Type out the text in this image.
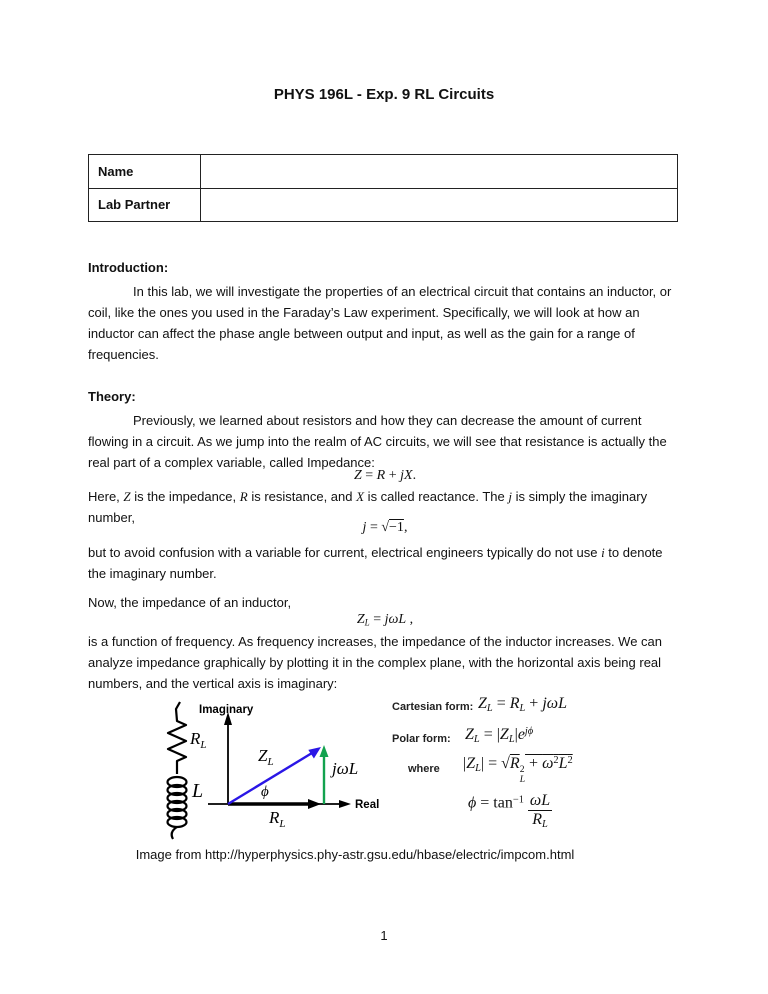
PHYS 196L - Exp. 9 RL Circuits
Name	
Lab Partner	
Introduction:
In this lab, we will investigate the properties of an electrical circuit that contains an inductor, or coil, like the ones you used in the Faraday’s Law experiment. Specifically, we will look at how an inductor can affect the phase angle between output and input, as well as the gain for a range of frequencies.
Theory:
Previously, we learned about resistors and how they can decrease the amount of current flowing in a circuit. As we jump into the realm of AC circuits, we will see that resistance is actually the real part of a complex variable, called Impedance:
Z = R + jX.
Here, Z is the impedance, R is resistance, and X is called reactance. The j is simply the imaginary number,
j = √−1,
but to avoid confusion with a variable for current, electrical engineers typically do not use i to denote the imaginary number.
Now, the impedance of an inductor,
ZL = jωL ,
is a function of frequency. As frequency increases, the impedance of the inductor increases. We can analyze impedance graphically by plotting it in the complex plane, with the horizontal axis being real numbers, and the vertical axis is imaginary:
$R_L$
L
Imaginary
Real
$Z_L$
ϕ
jωL
$R_L$
Cartesian form: ZL = RL + jωL
Polar form: ZL = $|ZL|e^{j\phi}$
where |ZL| = √R 2
L
+ $\omega^2L^2$
$\phi = \tan^{-1} \frac{\omega L}{RL}$
Image from http://hyperphysics.phy-astr.gsu.edu/hbase/electric/impcom.html
1
